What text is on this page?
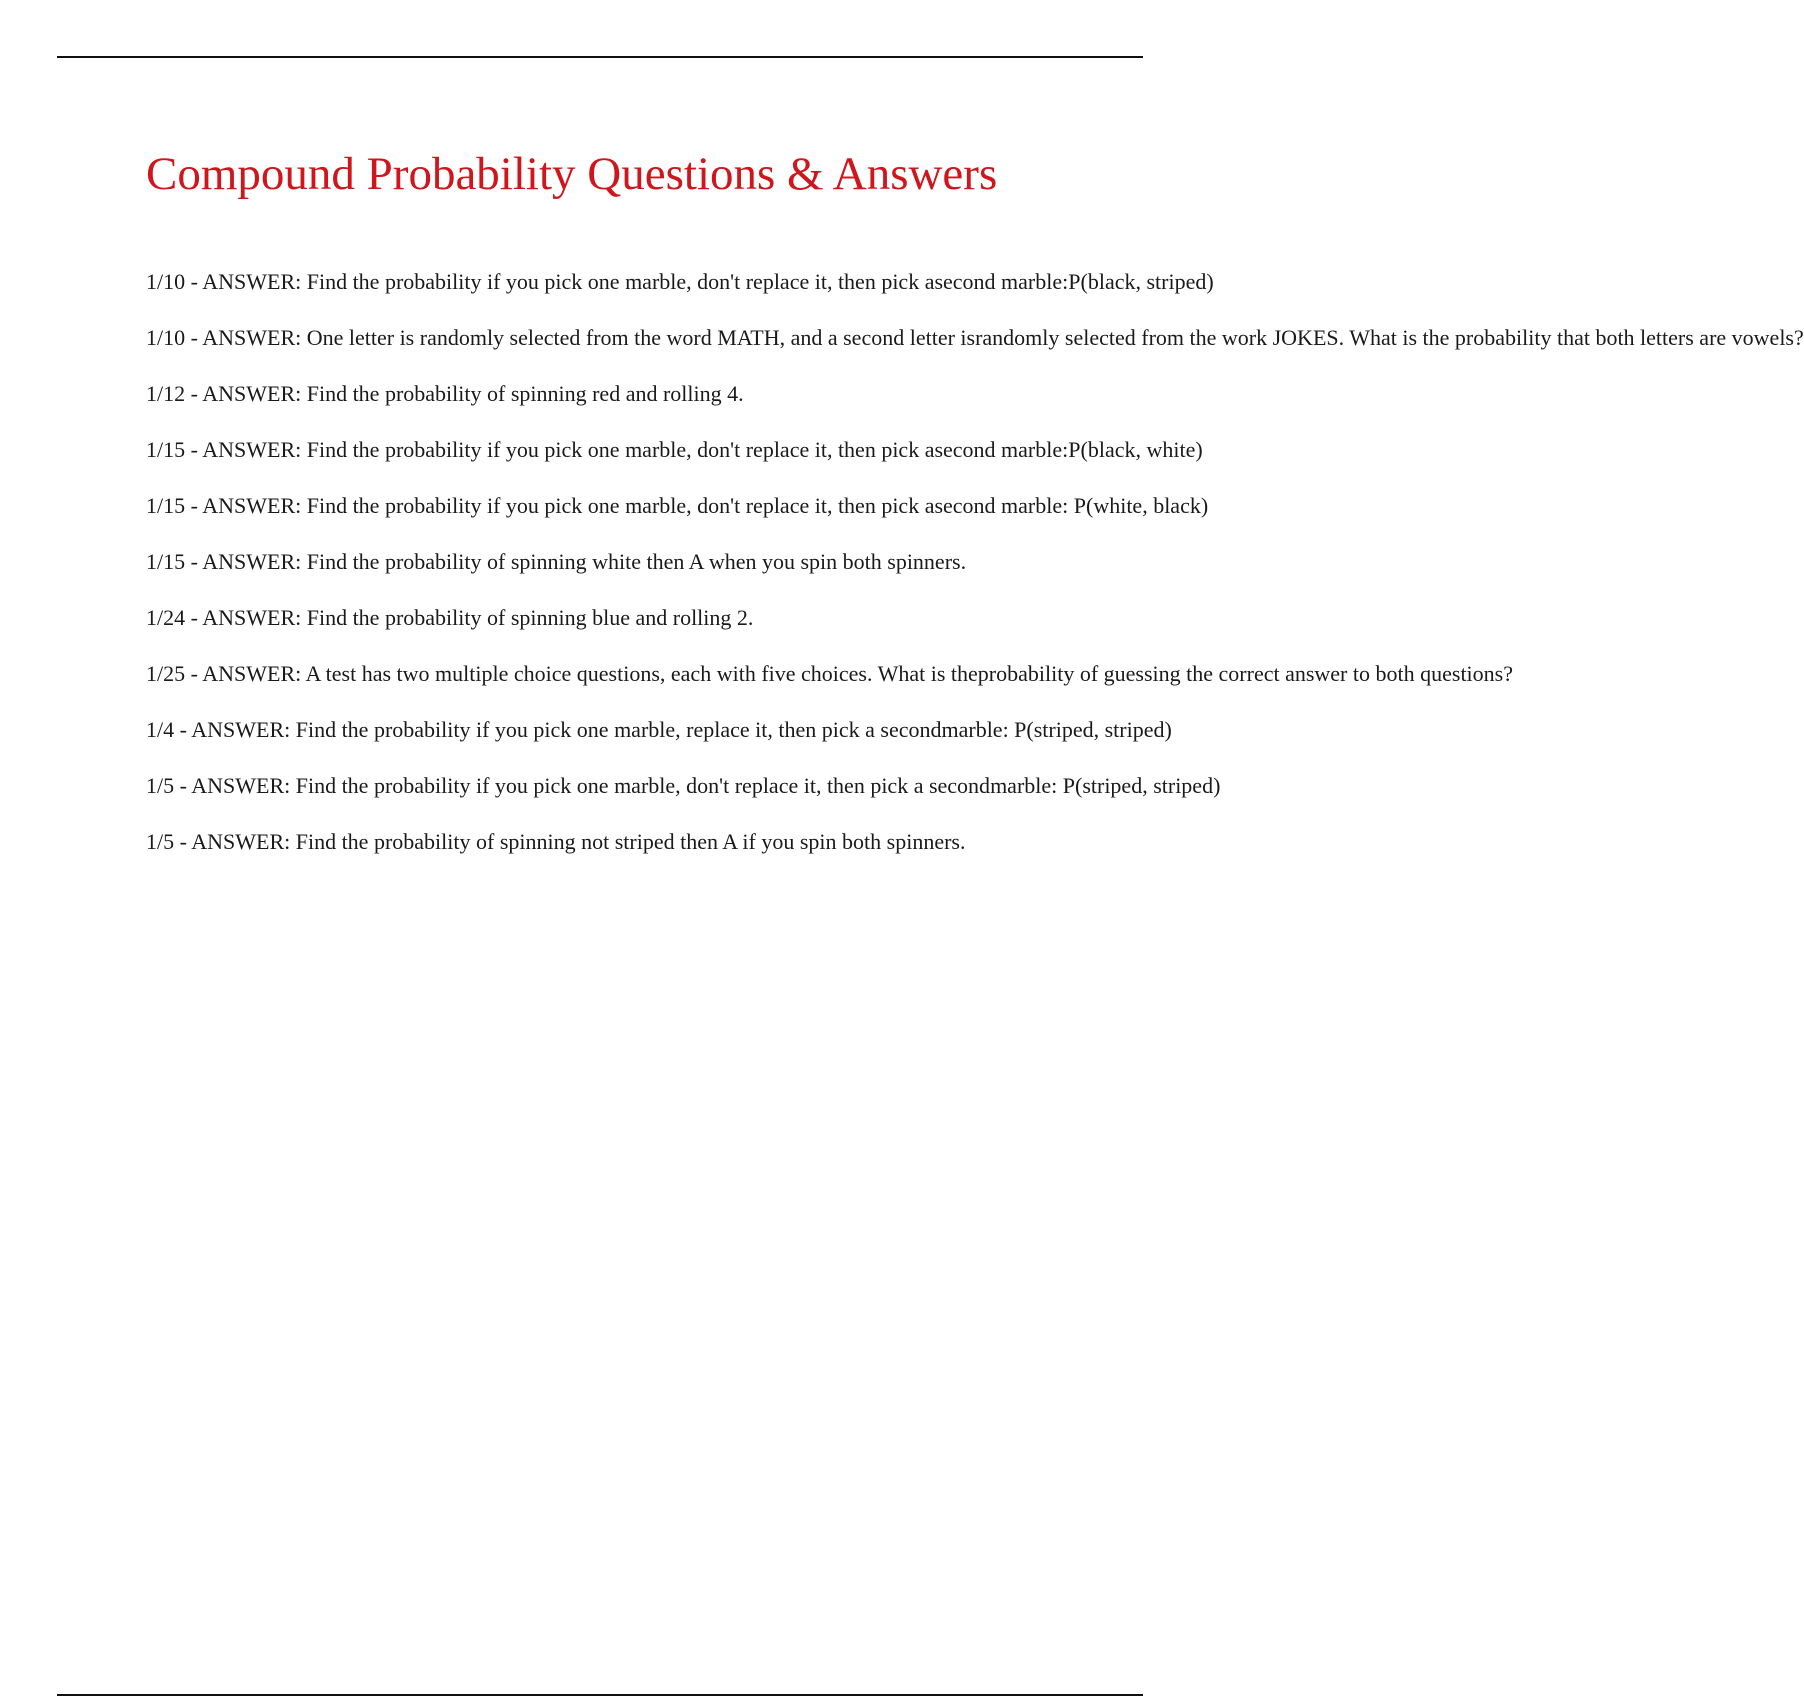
Compound Probability Questions & Answers
1/10 - ANSWER: Find the probability if you pick one marble, don't replace it, then pick asecond marble:P(black, striped)
1/10 - ANSWER: One letter is randomly selected from the word MATH, and a second letter israndomly selected from the work JOKES. What is the probability that both letters are vowels?
1/12 - ANSWER: Find the probability of spinning red and rolling 4.
1/15 - ANSWER: Find the probability if you pick one marble, don't replace it, then pick asecond marble:P(black, white)
1/15 - ANSWER: Find the probability if you pick one marble, don't replace it, then pick asecond marble: P(white, black)
1/15 - ANSWER: Find the probability of spinning white then A when you spin both spinners.
1/24 - ANSWER: Find the probability of spinning blue and rolling 2.
1/25 - ANSWER: A test has two multiple choice questions, each with five choices. What is theprobability of guessing the correct answer to both questions?
1/4 - ANSWER: Find the probability if you pick one marble, replace it, then pick a secondmarble: P(striped, striped)
1/5 - ANSWER: Find the probability if you pick one marble, don't replace it, then pick a secondmarble: P(striped, striped)
1/5 - ANSWER: Find the probability of spinning not striped then A if you spin both spinners.
